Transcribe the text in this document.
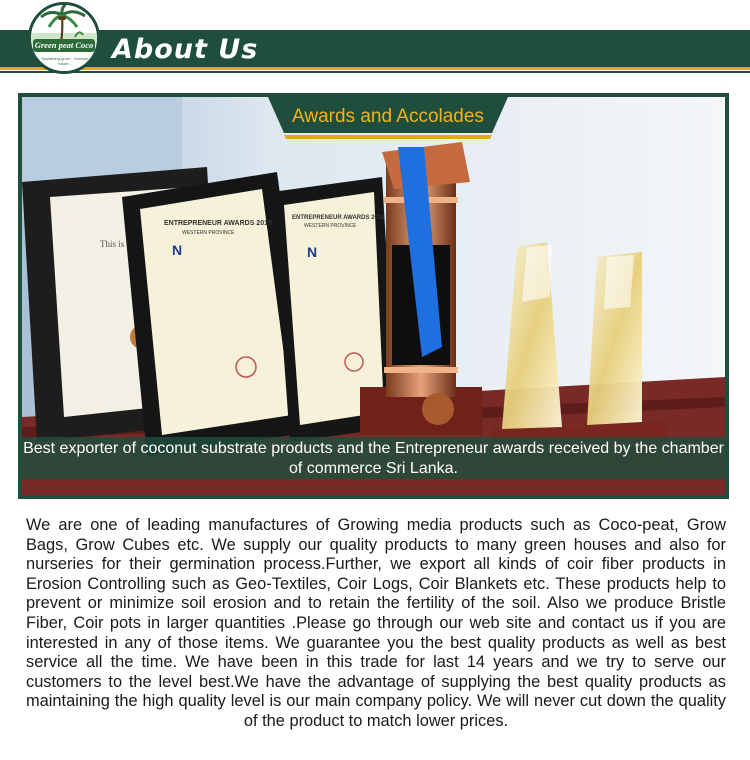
About Us
Green peat Coco
Sustaining grow... Greener future...
This is
ENTREPRENEUR AWARDS 2018
WESTERN PROVINCE
N
ENTREPRENEUR AWARDS 2018
WESTERN PROVINCE
N
Awards and Accolades
Best exporter of coconut substrate products and the Entrepreneur awards received by the chamber of commerce Sri Lanka.

We are one of leading manufactures of Growing media products such as Coco-peat, Grow Bags, Grow Cubes etc. We supply our quality products to many green houses and also for nurseries for their germination process.Further, we export all kinds of coir fiber products in Erosion Controlling such as Geo-Textiles, Coir Logs, Coir Blankets etc. These products help to prevent or minimize soil erosion and to retain the fertility of the soil. Also we produce Bristle Fiber, Coir pots in larger quantities .Please go through our web site and contact us if you are interested in any of those items. We guarantee you the best quality products as well as best service all the time. We have been in this trade for last 14 years and we try to serve our customers to the level best.We have the advantage of supplying the best quality products as maintaining the high quality level is our main company policy. We will never cut down the quality of the product to match lower prices.
